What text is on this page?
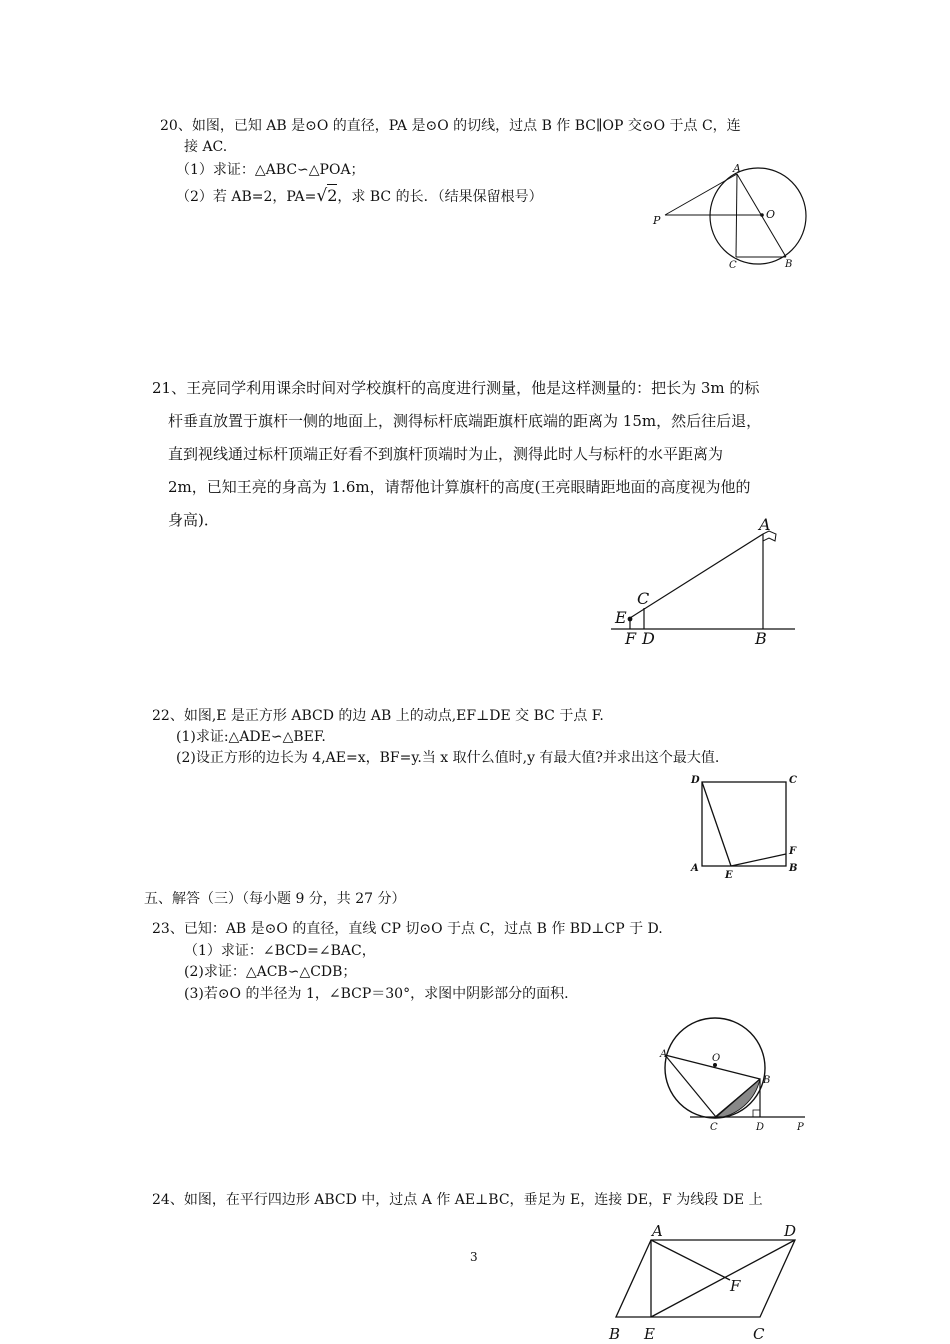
20、如图，已知 AB 是⊙O 的直径，PA 是⊙O 的切线，过点 B 作 BC∥OP 交⊙O 于点 C，连
接 AC.
（1）求证：△ABC∽△POA；
（2）若 AB=2，PA=√
2，求 BC 的长．（结果保留根号）
A
O
P
C	B
21、王亮同学利用课余时间对学校旗杆的高度进行测量，他是这样测量的：把长为 3m 的标
杆垂直放置于旗杆一侧的地面上，测得标杆底端距旗杆底端的距离为 15m，然后往后退，
直到视线通过标杆顶端正好看不到旗杆顶端时为止，测得此时人与标杆的水平距离为
2m，已知王亮的身高为 1.6m，请帮他计算旗杆的高度(王亮眼睛距地面的高度视为他的
身高)．	A
C
E
F D	B
22、如图,E 是正方形 ABCD 的边 AB 上的动点,EF⊥DE 交 BC 于点 F.
(1)求证:△ADE∽△BEF.
(2)设正方形的边长为 4,AE=x，BF=y.当 x 取什么值时,y 有最大值?并求出这个最大值.
D	C
F
A
E
B
五、解答（三）（每小题 9 分，共 27 分）
23、已知：AB 是⊙O 的直径，直线 CP 切⊙O 于点 C，过点 B 作 BD⊥CP 于 D.
（1）求证：∠BCD=∠BAC，
(2)求证：△ACB∽△CDB；
(3)若⊙O 的半径为 1，∠BCP＝30°，求图中阴影部分的面积.
A	O
B
C	D	P
24、如图，在平行四边形 ABCD 中，过点 A 作 AE⊥BC，垂足为 E，连接 DE，F 为线段 DE 上
3
A	D
F
B E	C
